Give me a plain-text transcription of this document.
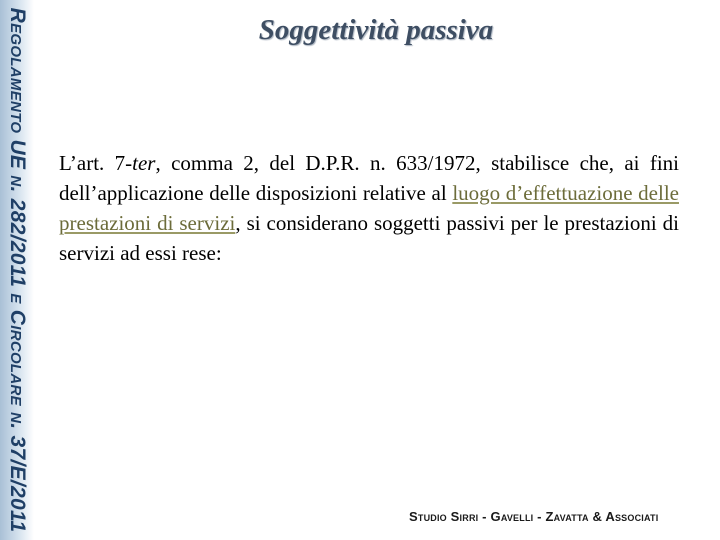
Regolamento UE n. 282/2011 e Circolare n. 37/E/2011	Soggettività passiva
L’art. 7-ter, comma 2, del D.P.R. n. 633/1972, stabilisce che, ai fini dell’applicazione delle disposizioni relative al luogo d’effettuazione delle prestazioni di servizi, si considerano soggetti passivi per le prestazioni di servizi ad essi rese:
Studio Sirri - Gavelli - Zavatta & Associati
